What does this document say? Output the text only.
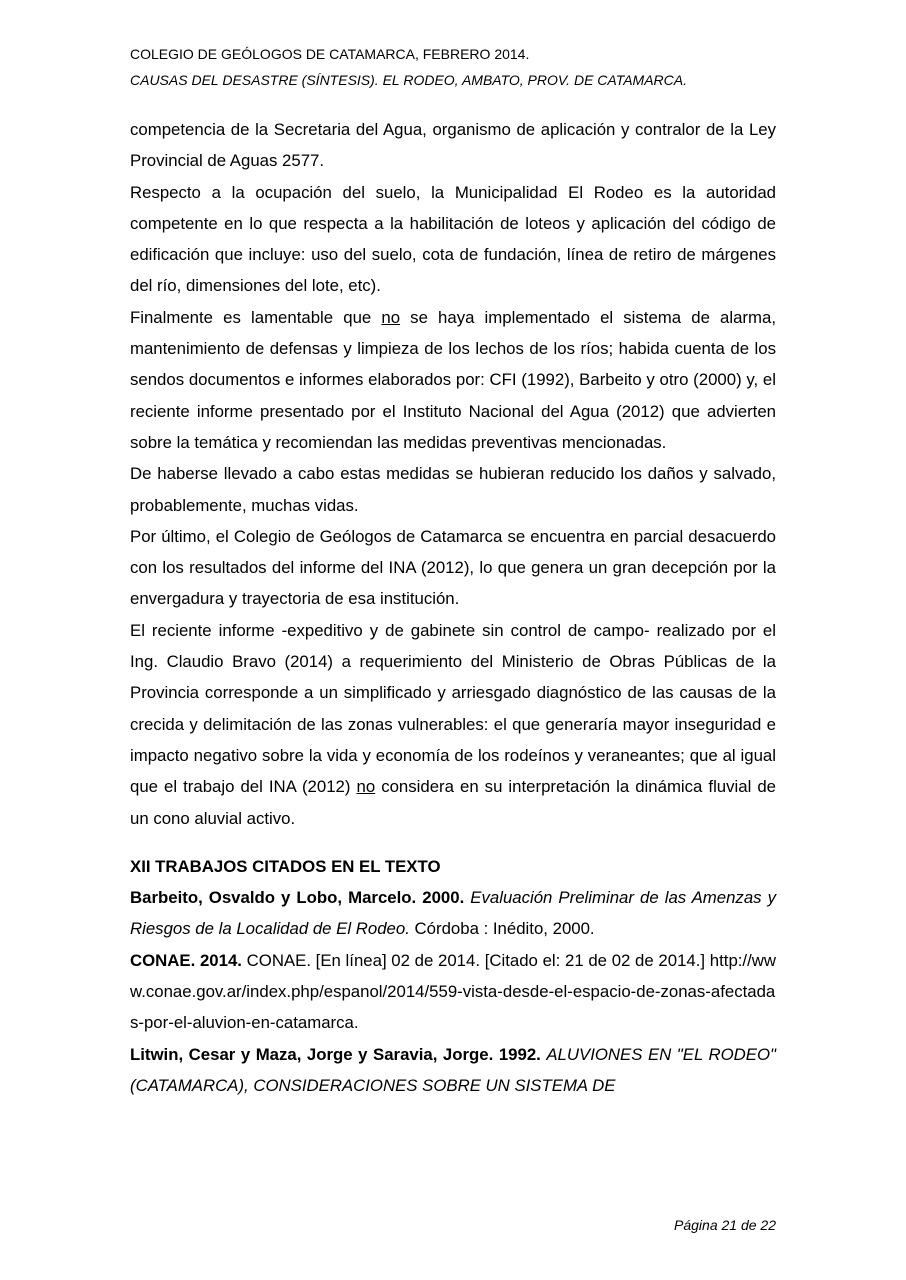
COLEGIO DE GEÓLOGOS DE CATAMARCA, FEBRERO 2014.
CAUSAS DEL DESASTRE (SÍNTESIS). EL RODEO, AMBATO, PROV. DE CATAMARCA.

competencia de la Secretaria del Agua, organismo de aplicación y contralor de la Ley Provincial de Aguas 2577.

Respecto a la ocupación del suelo, la Municipalidad El Rodeo es la autoridad competente en lo que respecta a la habilitación de loteos y aplicación del código de edificación que incluye: uso del suelo, cota de fundación, línea de retiro de márgenes del río, dimensiones del lote, etc).

Finalmente es lamentable que no se haya implementado el sistema de alarma, mantenimiento de defensas y limpieza de los lechos de los ríos; habida cuenta de los sendos documentos e informes elaborados por: CFI (1992), Barbeito y otro (2000) y, el reciente informe presentado por el Instituto Nacional del Agua (2012) que advierten sobre la temática y recomiendan las medidas preventivas mencionadas.

De haberse llevado a cabo estas medidas se hubieran reducido los daños y salvado, probablemente, muchas vidas.

Por último, el Colegio de Geólogos de Catamarca se encuentra en parcial desacuerdo con los resultados del informe del INA (2012), lo que genera un gran decepción por la envergadura y trayectoria de esa institución.

El reciente informe -expeditivo y de gabinete sin control de campo- realizado por el Ing. Claudio Bravo (2014) a requerimiento del Ministerio de Obras Públicas de la Provincia corresponde a un simplificado y arriesgado diagnóstico de las causas de la crecida y delimitación de las zonas vulnerables: el que generaría mayor inseguridad e impacto negativo sobre la vida y economía de los rodeínos y veraneantes; que al igual que el trabajo del INA (2012) no considera en su interpretación la dinámica fluvial de un cono aluvial activo.

XII TRABAJOS CITADOS EN EL TEXTO

Barbeito, Osvaldo y Lobo, Marcelo. 2000. Evaluación Preliminar de las Amenzas y Riesgos de la Localidad de El Rodeo. Córdoba : Inédito, 2000.

CONAE. 2014. CONAE. [En línea] 02 de 2014. [Citado el: 21 de 02 de 2014.] http://www.conae.gov.ar/index.php/espanol/2014/559-vista-desde-el-espacio-de-zonas-afectadas-por-el-aluvion-en-catamarca.

Litwin, Cesar y Maza, Jorge y Saravia, Jorge. 1992. ALUVIONES EN "EL RODEO" (CATAMARCA), CONSIDERACIONES SOBRE UN SISTEMA DE

Página 21 de 22
